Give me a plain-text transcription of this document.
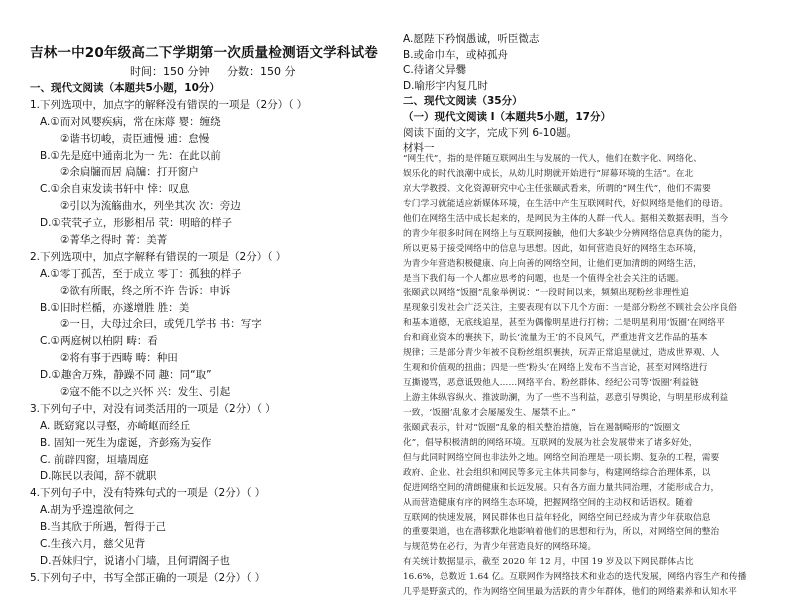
吉林一中20年级高二下学期第一次质量检测语文学科试卷
时间：150 分钟 分数：150 分
一、现代文阅读（本题共5小题，10分）
1.下列选项中，加点字的解释没有错误的一项是（2分）（ ）
A.①而对风婴疾病，常在床蓐 婴：缠绕
②谐书切峻，责臣逋慢 逋：怠慢
B.①先是庭中通南北为一 先：在此以前
②余扃牖而居 扃牖：打开窗户
C.①余自束发读书轩中 悻：叹息
②引以为流觞曲水，列坐其次 次：旁边
D.①茕茕孑立，形影相吊 茕：明暗的样子
②菁华之得时 菁：美菁
2.下列选项中，加点字解释有错误的一项是（2分）（ ）
A.①零丁孤苦，至于成立 零丁：孤独的样子
②欲有所眠，终之所不许 告诉：申诉
B.①旧时栏楯，亦遂增胜 胜：美
②一日，大母过余曰，或凭几学书 书：写字
C.①两庭树以柏阴 畴：看
②将有事于西畴 畴：种田
D.①趣舍万殊，静躁不同 趣：同“取”
②寇不能不以之兴怀 兴：发生、引起
3.下列句子中，对没有词类活用的一项是（2分）（ ）
A. 既窈窕以寻壑，亦崎岖而经丘
B. 固知一死生为虚诞，齐彭殇为妄作
C. 前辟四窗，垣墙周庭
D.陈民以表闻，辞不就职
4.下列句子中，没有特殊句式的一项是（2分）（ ）
A.胡为乎遑遑欲何之
B.当其欣于所遇，暂得于己
C.生孩六月，慈父见背
D.吾妹归宁，说诸小门墙，且何谓阁子也
5.下列句子中，书写全部正确的一项是（2分）（ ）
A.愿陛下矜悯愚诚，听臣微志
B.或命巾车，或棹孤舟
C.待诸父异爨
D.喻形宇内复几时
二、现代文阅读（35分）
（一）现代文阅读 I（本题共5小题，17分）
阅读下面的文字，完成下列 6-10题。
材料一
“网生代”，指的是伴随互联网出生与发展的一代人，他们在数字化、网络化、
娱乐化的时代浪潮中成长，从幼儿时期就开始进行“屏幕环境的生活”。在北
京大学教授、文化资源研究中心主任张颐武看来，所谓的“网生代”，他们不需要
专门学习就能适应新媒体环境，在生活中产生互联网时代，好似网络是他们的母语。
他们在网络生活中成长起来的，是网民为主体的人群一代人。据相关数据表明，当今
的青少年很多时间在网络上与互联网接触，他们大多缺少分辨网络信息真伪的能力，
所以更易于接受网络中的信息与思想。因此，如何营造良好的网络生态环境，
为青少年营造积极健康、向上向善的网络空间，让他们更加清朗的网络生活，
是当下我们每一个人都应思考的问题，也是一个值得全社会关注的话题。
张颐武以网络“饭圈”乱象举例说：“一段时间以来，频频出现粉丝非理性追
星现象引发社会广泛关注，主要表现有以下几个方面：一是部分粉丝不顾社会公序良俗
和基本道德，无底线追星，甚至为偶像明星进行打榜；二是明星利用‘饭圈’在网络平
台和商业资本的裹挟下，助长‘流量为王’的不良风气，严重违背文艺作品的基本
规律；三是部分青少年被不良粉丝组织裹挟，玩弄正常追星就过，造成世界观、人
生观和价值观的扭曲；四是一些‘粉头’在网络上发布不当言论，甚至对网络进行
互撕谩骂，恶意诋毁他人……网络平台、粉丝群体、经纪公司等‘饭圈’利益链
上游主体纵容纵火、推波助澜，为了一些不当利益，恶意引导舆论，与明星形成利益
一致，‘饭圈’乱象才会屡屡发生、屡禁不止。”
张颐武表示，针对“饭圈”乱象的相关整治措施，旨在遏制畸形的“饭圈文
化”，倡导积极清朗的网络环境。互联网的发展为社会发展带来了诸多好处，
但与此同时网络空间也非法外之地。网络空间治理是一项长期、复杂的工程，需要
政府、企业、社会组织和网民等多元主体共同参与，构建网络综合治理体系，以
促进网络空间的清朗健康和长远发展。只有各方面力量共同治理，才能形成合力，
从而营造健康有序的网络生态环境，把握网络空间的主动权和话语权。随着
互联网的快速发展，网民群体也日益年轻化，网络空间已经成为青少年获取信息
的重要渠道，也在潜移默化地影响着他们的思想和行为，所以，对网络空间的整治
与规范势在必行，为青少年营造良好的网络环境。
有关统计数据显示，截至 2020 年 12 月，中国 19 岁及以下网民群体占比
16.6%，总数近 1.64 亿。互联网作为网络技术和业态的迭代发展，网络内容生产和传播
几乎是野蛮式的，作为网络空间里最为活跃的青少年群体，他们的网络素养和认知水平
